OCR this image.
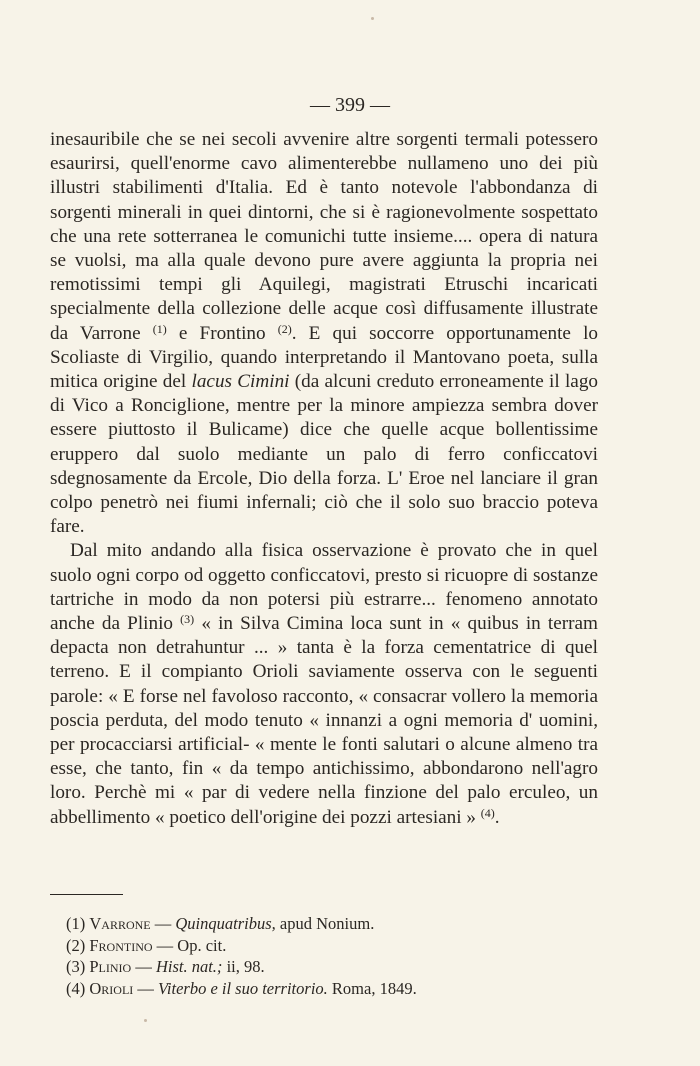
— 399 —

inesauribile che se nei secoli avvenire altre sorgenti termali potessero esaurirsi, quell'enorme cavo alimenterebbe nullameno uno dei più illustri stabilimenti d'Italia. Ed è tanto notevole l'abbondanza di sorgenti minerali in quei dintorni, che si è ragionevolmente sospettato che una rete sotterranea le comunichi tutte insieme.... opera di natura se vuolsi, ma alla quale devono pure avere aggiunta la propria nei remotissimi tempi gli Aquilegi, magistrati Etruschi incaricati specialmente della collezione delle acque così diffusamente illustrate da Varrone $^{(1)}$ e Frontino $^{(2)}$. E qui soccorre opportunamente lo Scoliaste di Virgilio, quando interpretando il Mantovano poeta, sulla mitica origine del lacus Cimini (da alcuni creduto erroneamente il lago di Vico a Ronciglione, mentre per la minore ampiezza sembra dover essere piuttosto il Bulicame) dice che quelle acque bollentissime eruppero dal suolo mediante un palo di ferro conficcatovi sdegnosamente da Ercole, Dio della forza. L' Eroe nel lanciare il gran colpo penetrò nei fiumi infernali; ciò che il solo suo braccio poteva fare.

Dal mito andando alla fisica osservazione è provato che in quel suolo ogni corpo od oggetto conficcatovi, presto si ricuopre di sostanze tartriche in modo da non potersi più estrarre... fenomeno annotato anche da Plinio $^{(3)}$ « in Silva Cimina loca sunt in « quibus in terram depacta non detrahuntur ... » tanta è la forza cementatrice di quel terreno. E il compianto Orioli saviamente osserva con le seguenti parole: « E forse nel favoloso racconto, « consacrar vollero la memoria poscia perduta, del modo tenuto « innanzi a ogni memoria d' uomini, per procacciarsi artificial- « mente le fonti salutari o alcune almeno tra esse, che tanto, fin « da tempo antichissimo, abbondarono nell'agro loro. Perchè mi « par di vedere nella finzione del palo erculeo, un abbellimento « poetico dell'origine dei pozzi artesiani » $^{(4)}$.

(1) Varrone — Quinquatribus, apud Nonium.
(2) Frontino — Op. cit.
(3) Plinio — Hist. nat.; ii, 98.
(4) Orioli — Viterbo e il suo territorio. Roma, 1849.
